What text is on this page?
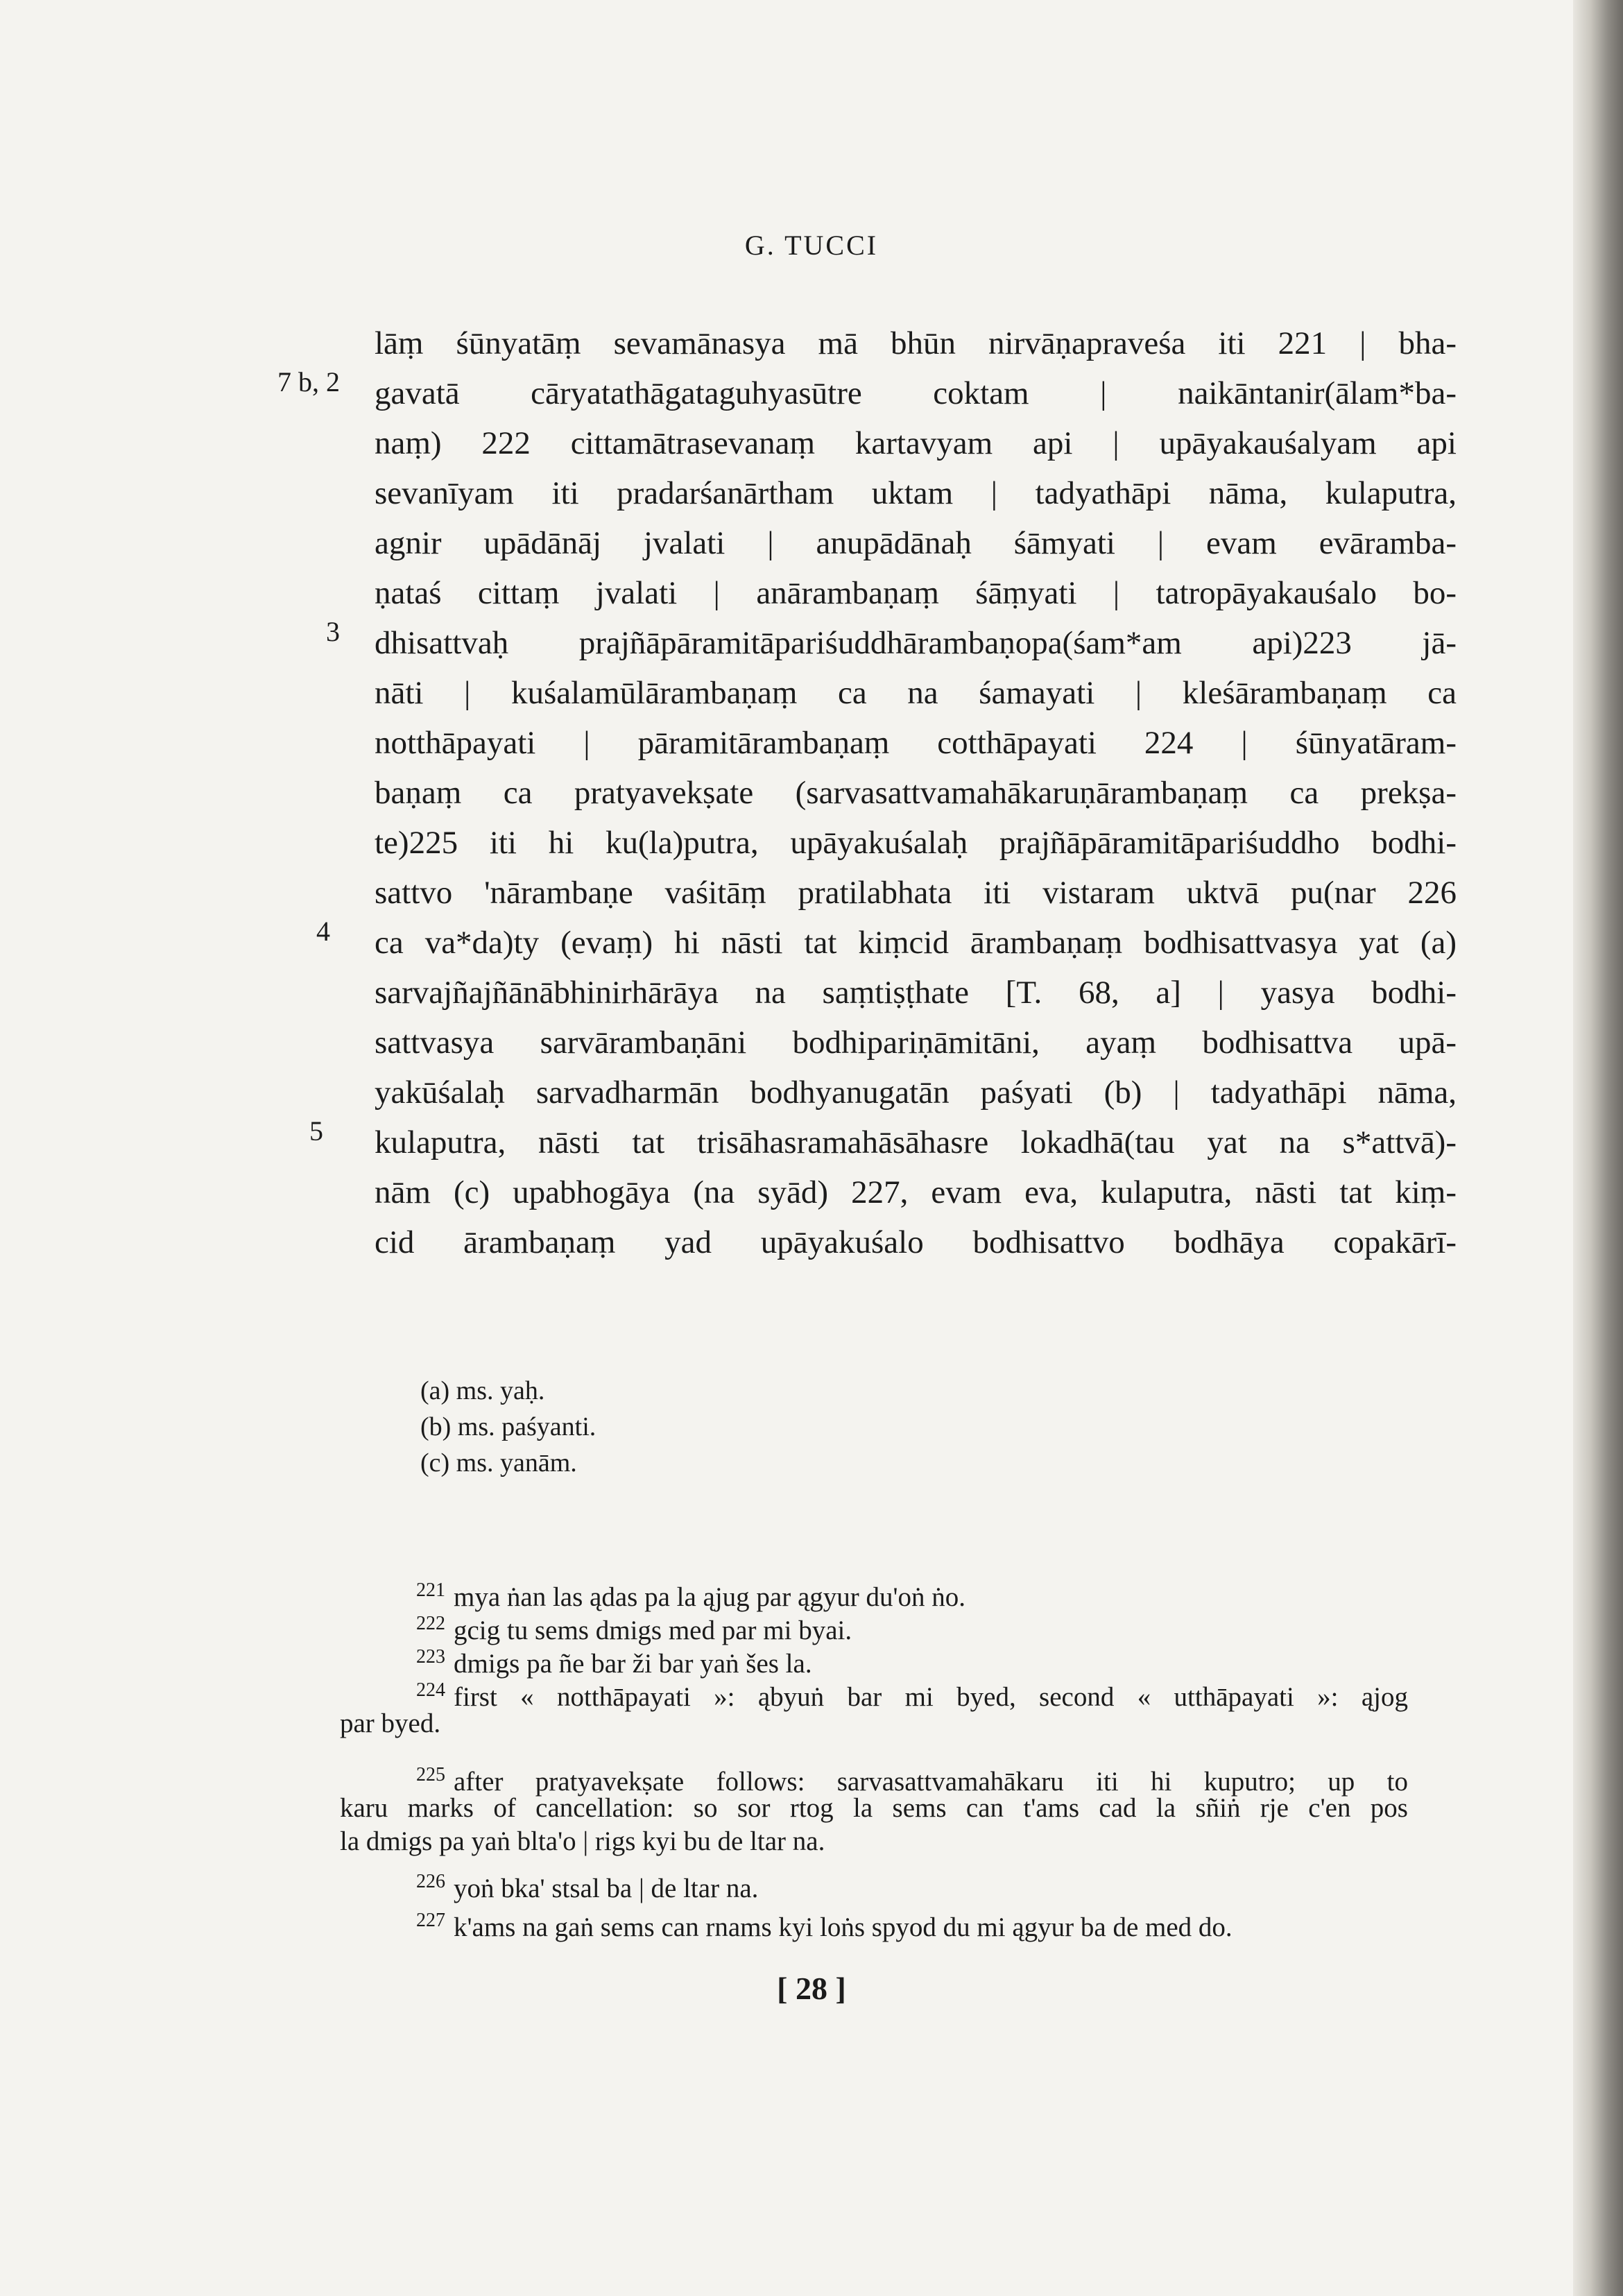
G. TUCCI
lāṃ śūnyatāṃ sevamānasya mā bhūn nirvāṇapraveśa iti 221 | bha-
gavatā cāryatathāgataguhyasūtre coktam | naikāntanir(ālam*ba-
naṃ) 222 cittamātrasevanaṃ kartavyam api | upāyakauśalyam api
sevanīyam iti pradarśanārtham uktam | tadyathāpi nāma, kulaputra,
agnir upādānāj jvalati | anupādānaḥ śāmyati | evam evāramba-
ṇataś cittaṃ jvalati | anārambaṇaṃ śāṃyati | tatropāyakauśalo bo-
dhisattvaḥ prajñāpāramitāpariśuddhārambaṇopa(śam*am api)223 jā-
nāti | kuśalamūlārambaṇaṃ ca na śamayati | kleśārambaṇaṃ ca
notthāpayati | pāramitārambaṇaṃ cotthāpayati 224 | śūnyatāram-
baṇaṃ ca pratyavekṣate (sarvasattvamahākaruṇārambaṇaṃ ca prekṣa-
te)225 iti hi ku(la)putra, upāyakuśalaḥ prajñāpāramitāpariśuddho bodhi-
sattvo 'nārambaṇe vaśitāṃ pratilabhata iti vistaram uktvā pu(nar 226
ca va*da)ty (evaṃ) hi nāsti tat kiṃcid ārambaṇaṃ bodhisattvasya yat (a)
sarvajñajñānābhinirhārāya na saṃtiṣṭhate [T. 68, a] | yasya bodhi-
sattvasya sarvārambaṇāni bodhipariṇāmitāni, ayaṃ bodhisattva upā-
yakūśalaḥ sarvadharmān bodhyanugatān paśyati (b) | tadyathāpi nāma,
kulaputra, nāsti tat trisāhasramahāsāhasre lokadhā(tau yat na s*attvā)-
nām (c) upabhogāya (na syād) 227, evam eva, kulaputra, nāsti tat kiṃ-
cid ārambaṇaṃ yad upāyakuśalo bodhisattvo bodhāya copakārī-
7 b, 2
3
4
5
(a) ms. yaḥ.
(b) ms. paśyanti.
(c) ms. yanām.
$^{221}$ mya ṅan las ądas pa la ąjug par ągyur du'oṅ ṅo.
$^{222}$ gcig tu sems dmigs med par mi byai.
$^{223}$ dmigs pa ñe bar ži bar yaṅ šes la.
$^{224}$ first « notthāpayati »: ąbyuṅ bar mi byed, second « utthāpayati »: ąjog
par byed.
$^{225}$ after pratyavekṣate follows: sarvasattvamahākaru iti hi kuputro; up to
karu marks of cancellation: so sor rtog la sems can t'ams cad la sñiṅ rje c'en pos
la dmigs pa yaṅ blta'o | rigs kyi bu de ltar na.
$^{226}$ yoṅ bka' stsal ba | de ltar na.
$^{227}$ k'ams na gaṅ sems can rnams kyi loṅs spyod du mi ągyur ba de med do.
[ 28 ]
